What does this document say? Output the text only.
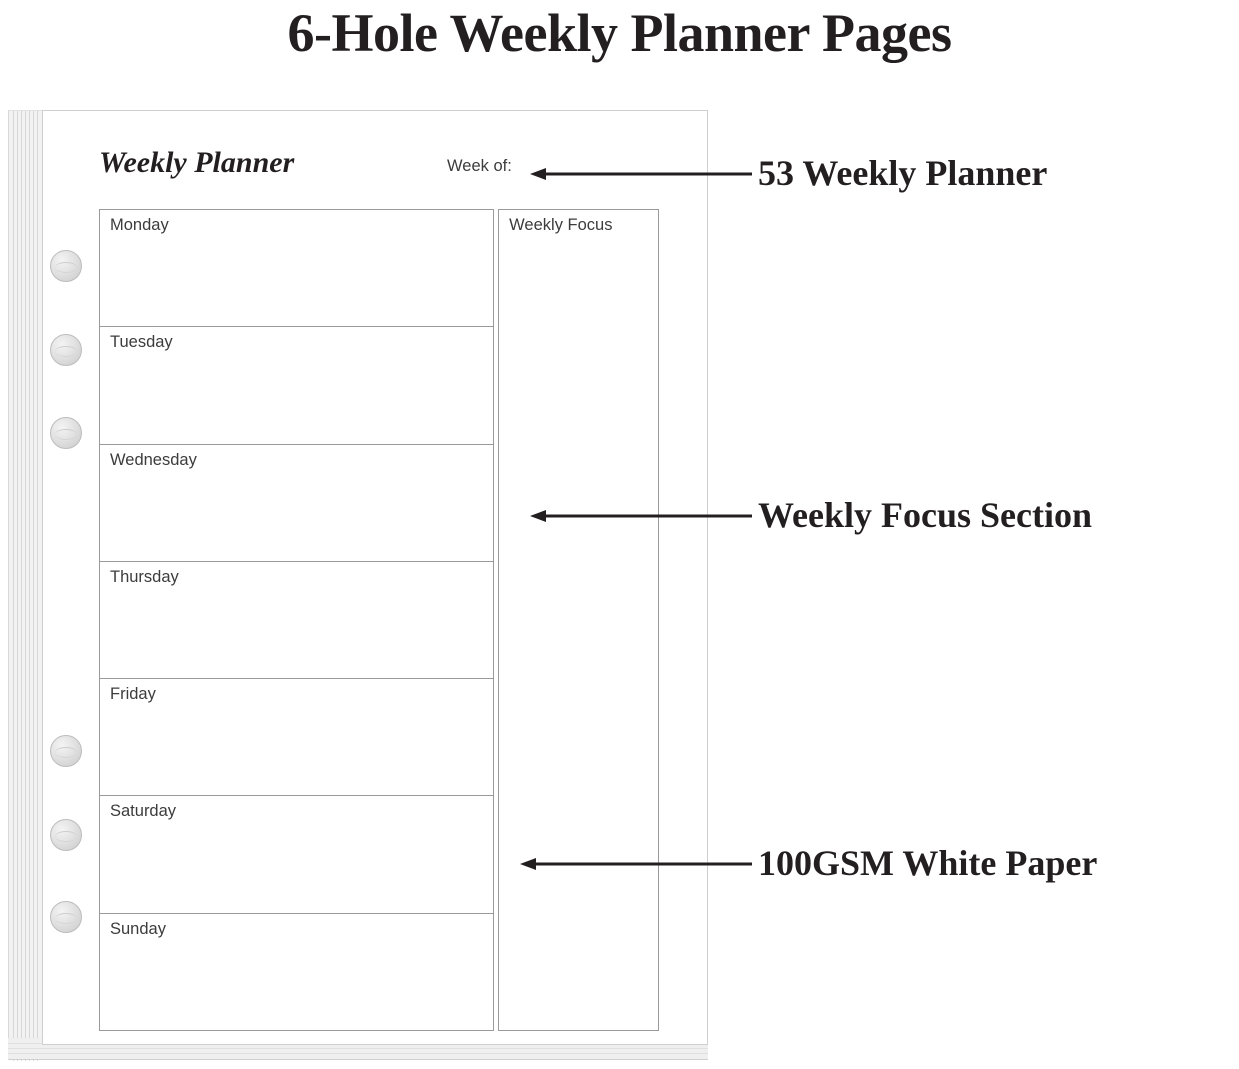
6-Hole Weekly Planner Pages
Weekly Planner	Week of:
Monday
Tuesday
Wednesday
Thursday
Friday
Saturday
Sunday
Weekly Focus
53 Weekly Planner
Weekly Focus Section
100GSM White Paper
